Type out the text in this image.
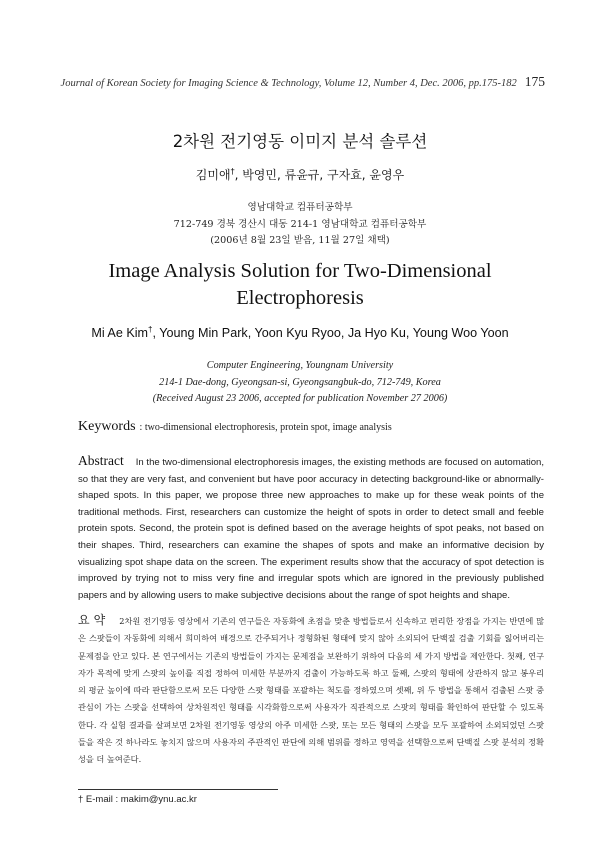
Journal of Korean Society for Imaging Science & Technology, Volume 12, Number 4, Dec. 2006, pp.175-182 175
2차원 전기영동 이미지 분석 솔루션
김미애†, 박영민, 류윤규, 구자효, 윤영우
영남대학교 컴퓨터공학부
712-749 경북 경산시 대동 214-1 영남대학교 컴퓨터공학부
(2006년 8월 23일 받음, 11월 27일 채택)
Image Analysis Solution for Two-Dimensional
Electrophoresis
Mi Ae Kim†, Young Min Park, Yoon Kyu Ryoo, Ja Hyo Ku, Young Woo Yoon
Computer Engineering, Youngnam University
214-1 Dae-dong, Gyeongsan-si, Gyeongsangbuk-do, 712-749, Korea
(Received August 23 2006, accepted for publication November 27 2006)
Keywords : two-dimensional electrophoresis, protein spot, image analysis
Abstract In the two-dimensional electrophoresis images, the existing methods are focused on automation, so that they are very fast, and convenient but have poor accuracy in detecting background-like or abnormally-shaped spots. In this paper, we propose three new approaches to make up for these weak points of the traditional methods. First, researchers can customize the height of spots in order to detect small and feeble protein spots. Second, the protein spot is defined based on the average heights of spot peaks, not based on their shapes. Third, researchers can examine the shapes of spots and make an informative decision by visualizing spot shape data on the screen. The experiment results show that the accuracy of spot detection is improved by trying not to miss very fine and irregular spots which are ignored in the previously published papers and by allowing users to make subjective decisions about the range of spot heights and shape.
요 약 2차원 전기영동 영상에서 기존의 연구들은 자동화에 초점을 맞춘 방법들로서 신속하고 편리한 장점을 가지는 반면에 많은 스팟들이 자동화에 의해서 희미하여 배경으로 간주되거나 정형화된 형태에 맞지 않아 소외되어 단백질 검출 기회를 잃어버리는 문제점을 안고 있다. 본 연구에서는 기존의 방법들이 가지는 문제점을 보완하기 위하여 다음의 세 가지 방법을 제안한다. 첫째, 연구자가 목적에 맞게 스팟의 높이를 직접 정하여 미세한 부분까지 검출이 가능하도록 하고 둘째, 스팟의 형태에 상관하지 않고 봉우리의 평균 높이에 따라 판단함으로써 모든 다양한 스팟 형태를 포괄하는 척도를 정하였으며 셋째, 위 두 방법을 통해서 검출된 스팟 중 관심이 가는 스팟을 선택하여 상차원적인 형태를 시각화함으로써 사용자가 직관적으로 스팟의 형태를 확인하여 판단할 수 있도록 한다. 각 실험 결과를 살펴보면 2차원 전기영동 영상의 아주 미세한 스팟, 또는 모든 형태의 스팟을 모두 포괄하여 소외되었던 스팟들을 작은 것 하나라도 놓치지 않으며 사용자의 주관적인 판단에 의해 범위를 정하고 영역을 선택함으로써 단백질 스팟 분석의 정확성을 더 높여준다.
† E-mail : makim@ynu.ac.kr
